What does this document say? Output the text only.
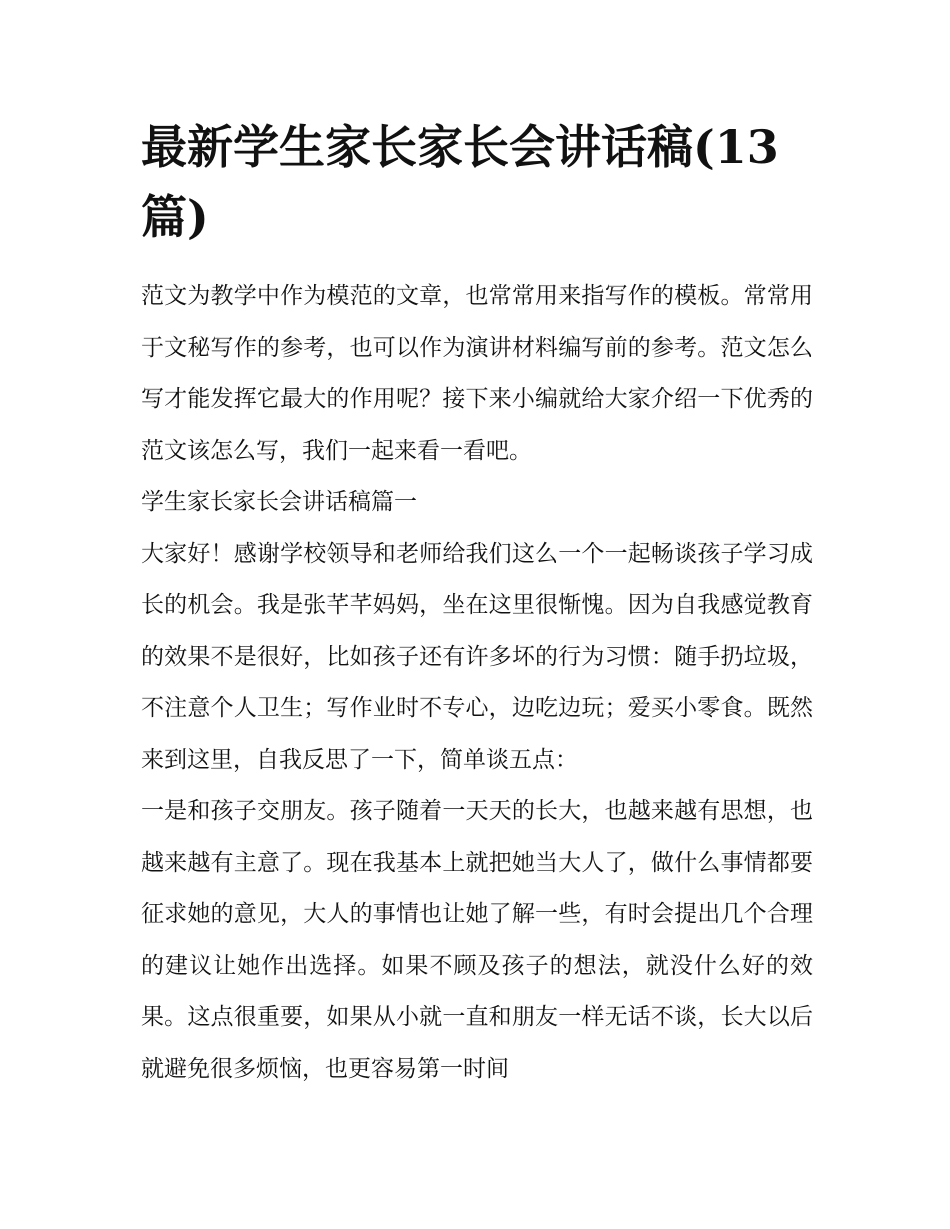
最新学生家长家长会讲话稿(13篇)

范文为教学中作为模范的文章，也常常用来指写作的模板。常常用于文秘写作的参考，也可以作为演讲材料编写前的参考。范文怎么写才能发挥它最大的作用呢？接下来小编就给大家介绍一下优秀的范文该怎么写，我们一起来看一看吧。

学生家长家长会讲话稿篇一

大家好！感谢学校领导和老师给我们这么一个一起畅谈孩子学习成长的机会。我是张芊芊妈妈，坐在这里很惭愧。因为自我感觉教育的效果不是很好，比如孩子还有许多坏的行为习惯：随手扔垃圾，不注意个人卫生；写作业时不专心，边吃边玩；爱买小零食。既然来到这里，自我反思了一下，简单谈五点：

一是和孩子交朋友。孩子随着一天天的长大，也越来越有思想，也越来越有主意了。现在我基本上就把她当大人了，做什么事情都要征求她的意见，大人的事情也让她了解一些，有时会提出几个合理的建议让她作出选择。如果不顾及孩子的想法，就没什么好的效果。这点很重要，如果从小就一直和朋友一样无话不谈，长大以后就避免很多烦恼，也更容易第一时间
